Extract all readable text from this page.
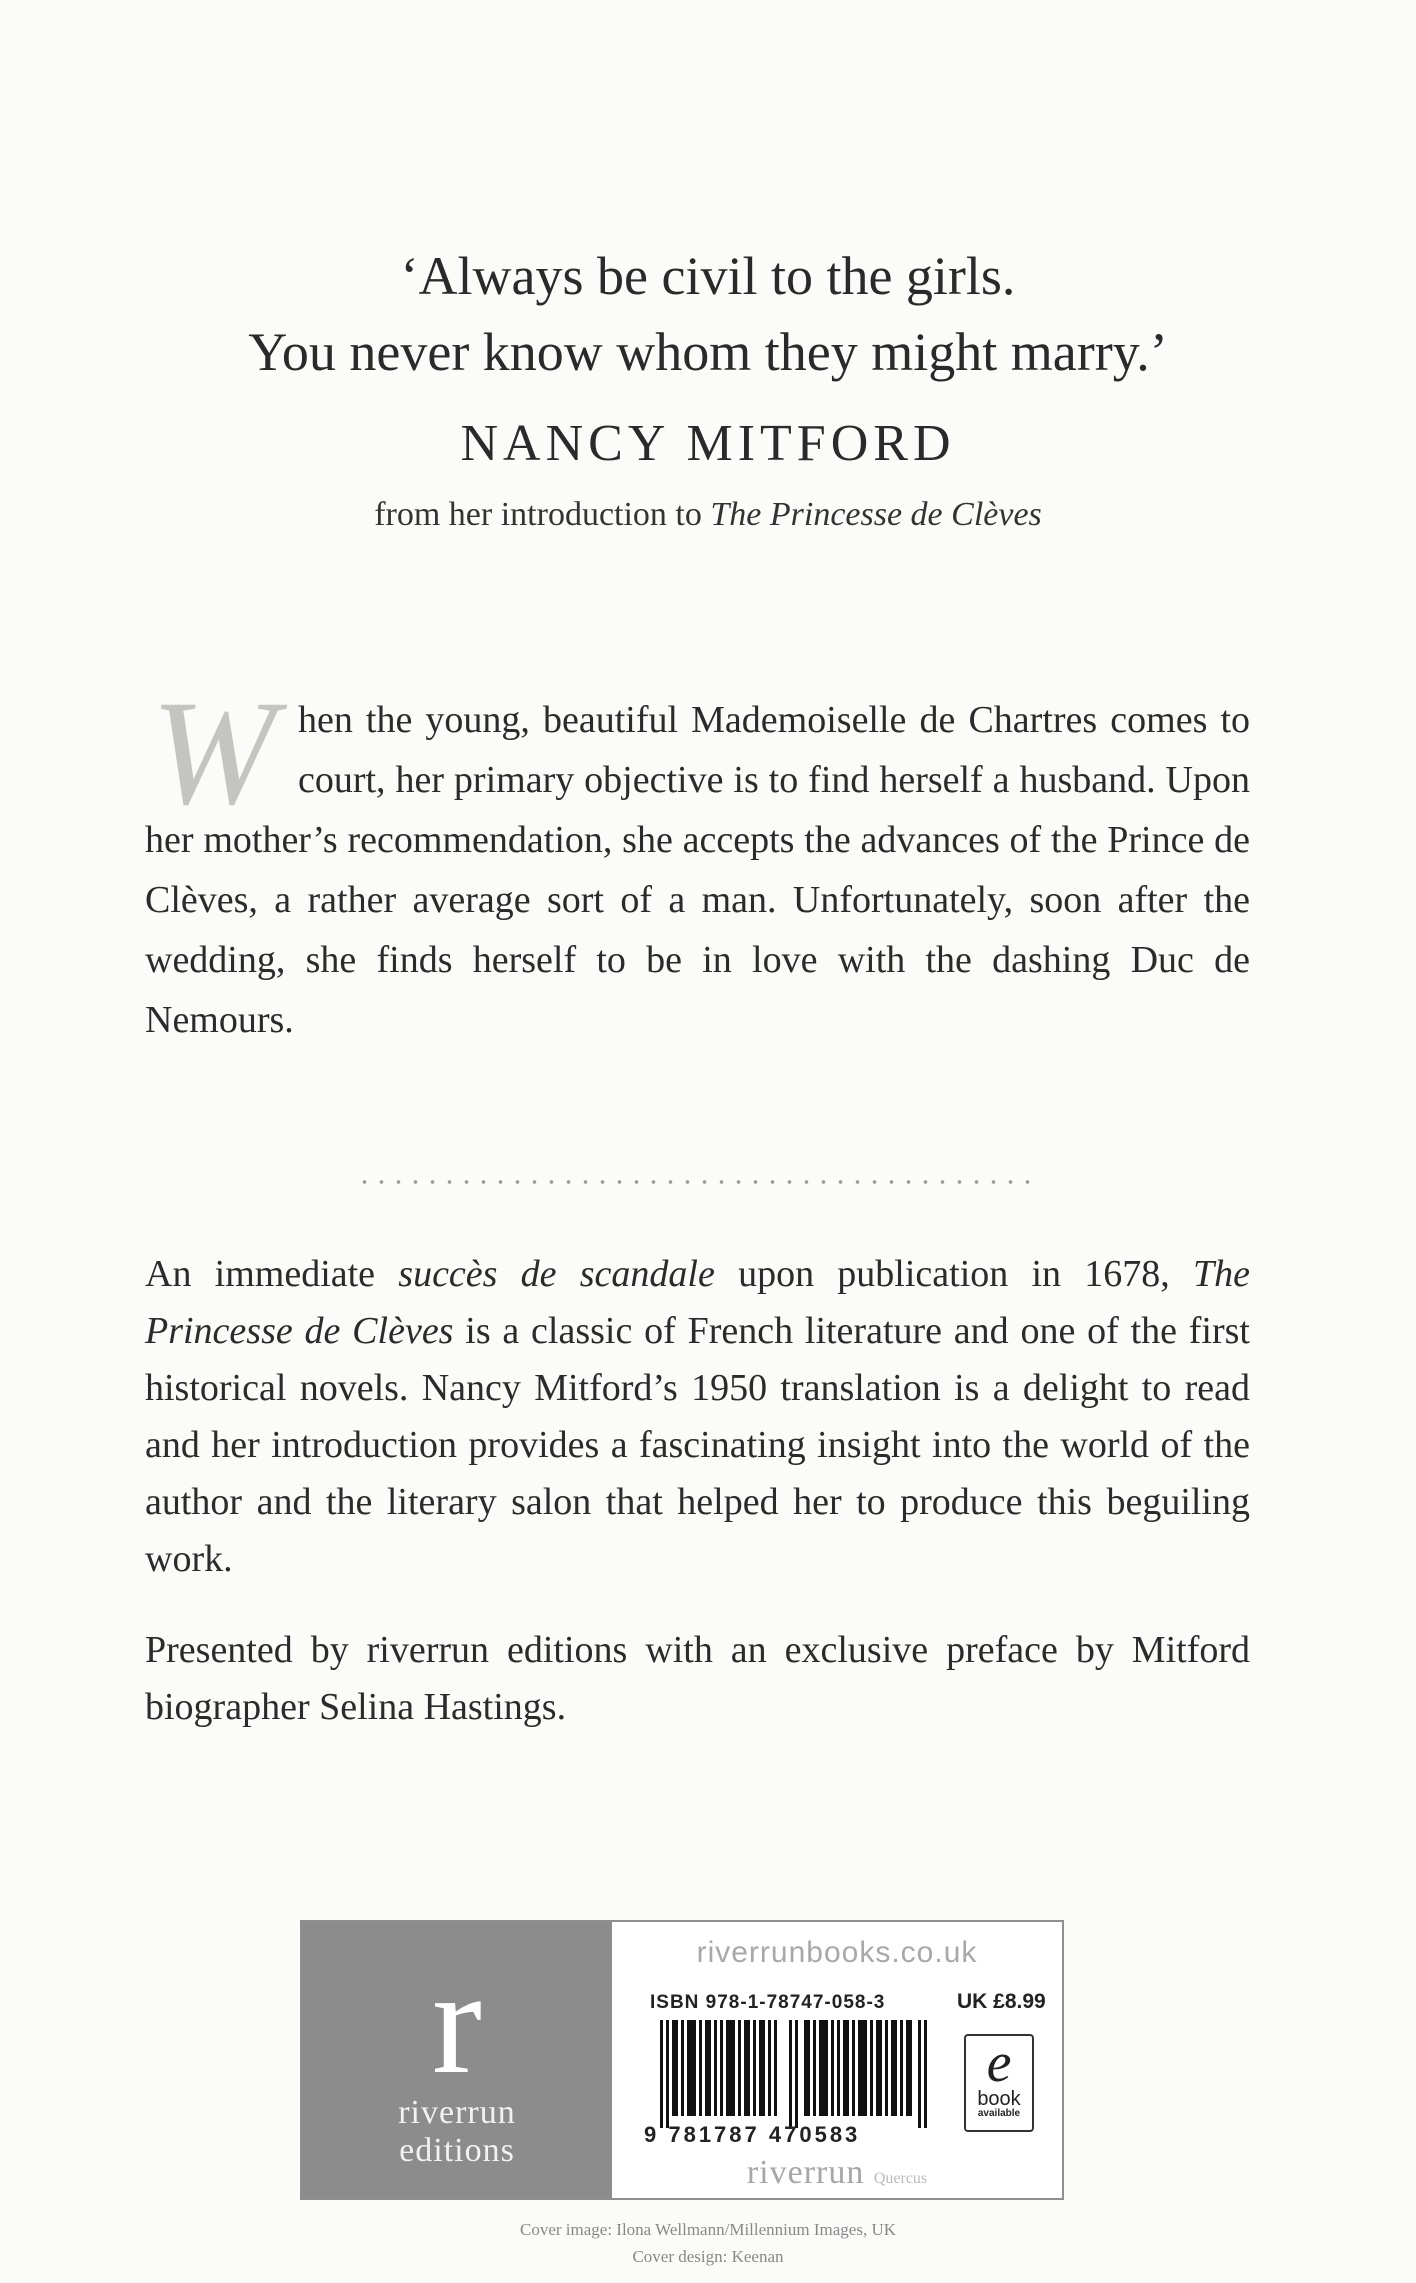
‘Always be civil to the girls.
You never know whom they might marry.’
NANCY MITFORD
from her introduction to The Princesse de Clèves
When the young, beautiful Mademoiselle de Chartres comes to court, her primary objective is to find herself a husband. Upon her mother’s recommendation, she accepts the advances of the Prince de Clèves, a rather average sort of a man. Unfortunately, soon after the wedding, she finds herself to be in love with the dashing Duc de Nemours.
An immediate succès de scandale upon publication in 1678, The Princesse de Clèves is a classic of French literature and one of the first historical novels. Nancy Mitford’s 1950 translation is a delight to read and her introduction provides a fascinating insight into the world of the author and the literary salon that helped her to produce this beguiling work.
Presented by riverrun editions with an exclusive preface by Mitford biographer Selina Hastings.
r
riverrun
editions
riverrunbooks.co.uk
ISBN 978-1-78747-058-3	UK £8.99
9 781787 470583
e
book
available
riverrun Quercus
Cover image: Ilona Wellmann/Millennium Images, UK
Cover design: Keenan
